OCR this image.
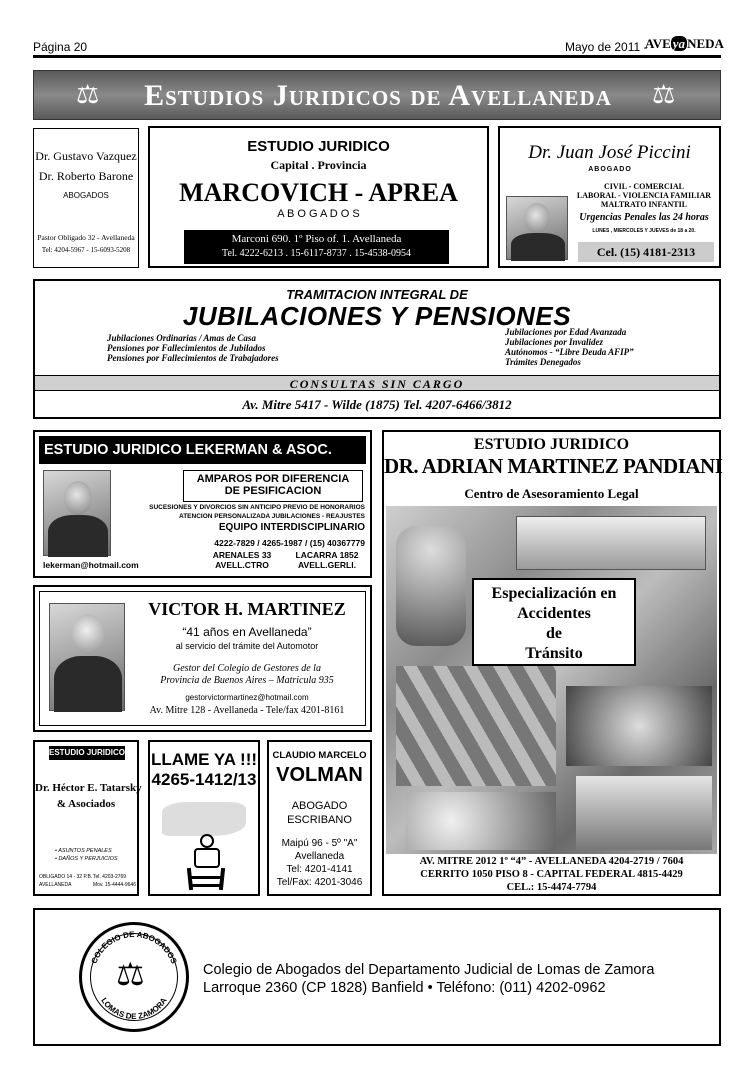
Página 20	Mayo de 2011 -
AVE ya NEDA
⚖	Estudios Juridicos de Avellaneda	⚖
Dr. Gustavo Vazquez
Dr. Roberto Barone
ABOGADOS
Pastor Obligado 32 - Avellaneda
Tel: 4204-5967 - 15-6093-5208
ESTUDIO JURIDICO
Capital . Provincia
MARCOVICH - APREA
A B O G A D O S
Marconi 690. 1º Piso of. 1. Avellaneda
Tel. 4222-6213 . 15-6117-8737 . 15-4538-0954
Dr. Juan José Piccini
ABOGADO
CIVIL - COMERCIAL
LABORAL - VIOLENCIA FAMILIAR
MALTRATO INFANTIL
Urgencias Penales las 24 horas
LUNES , MIERCOLES Y JUEVES de 18 a 20.
Cel. (15) 4181-2313
TRAMITACION INTEGRAL DE
JUBILACIONES Y PENSIONES
Jubilaciones Ordinarias / Amas de Casa
Pensiones por Fallecimientos de Jubilados
Pensiones por Fallecimientos de Trabajadores
Jubilaciones por Edad Avanzada
Jubilaciones por Invalidez
Autónomos - “Libre Deuda AFIP”
Trámites Denegados
CONSULTAS SIN CARGO
Av. Mitre 5417 - Wilde (1875) Tel. 4207-6466/3812
ESTUDIO JURIDICO LEKERMAN & ASOC.
AMPAROS POR DIFERENCIA
DE PESIFICACION
SUCESIONES Y DIVORCIOS SIN ANTICIPO PREVIO DE HONORARIOS
ATENCION PERSONALIZADA JUBILACIONES - REAJUSTES
EQUIPO INTERDISCIPLINARIO
4222-7829 / 4265-1987 / (15) 40367779
ARENALES 33
AVELL.CTRO
LACARRA 1852
AVELL.GERLI.
lekerman@hotmail.com
VICTOR H. MARTINEZ
“41 años en Avellaneda”
al servicio del trámite del Automotor
Gestor del Colegio de Gestores de la
Provincia de Buenos Aires – Matricula 935
gestorvictormartinez@hotmail.com
Av. Mitre 128 - Avellaneda - Tele/fax 4201-8161
ESTUDIO JURIDICO
Dr. Héctor E. Tatarsky
& Asociados
• ASUNTOS PENALES
• DAÑOS Y PERJUICIOS
OBLIGADO 14 - 32 P.B.
AVELLANEDA
Tel. 4203-2769
Mov. 15-4444-9646
LLAME YA !!!
4265-1412/13
CLAUDIO MARCELO
VOLMAN
ABOGADO
ESCRIBANO
Maipú 96 - 5º "A"
Avellaneda
Tel: 4201-4141
Tel/Fax: 4201-3046
ESTUDIO JURIDICO
DR. ADRIAN MARTINEZ PANDIANI
Centro de Asesoramiento Legal
Especialización en
Accidentes
de
Tránsito
AV. MITRE 2012 1º “4” - AVELLANEDA 4204-2719 / 7604
CERRITO 1050 PISO 8 - CAPITAL FEDERAL 4815-4429
CEL.: 15-4474-7794
COLEGIO DE ABOGADOS
LOMAS DE ZAMORA
⚖	Colegio de Abogados del Departamento Judicial de Lomas de Zamora
Larroque 2360 (CP 1828) Banfield • Teléfono: (011) 4202-0962
